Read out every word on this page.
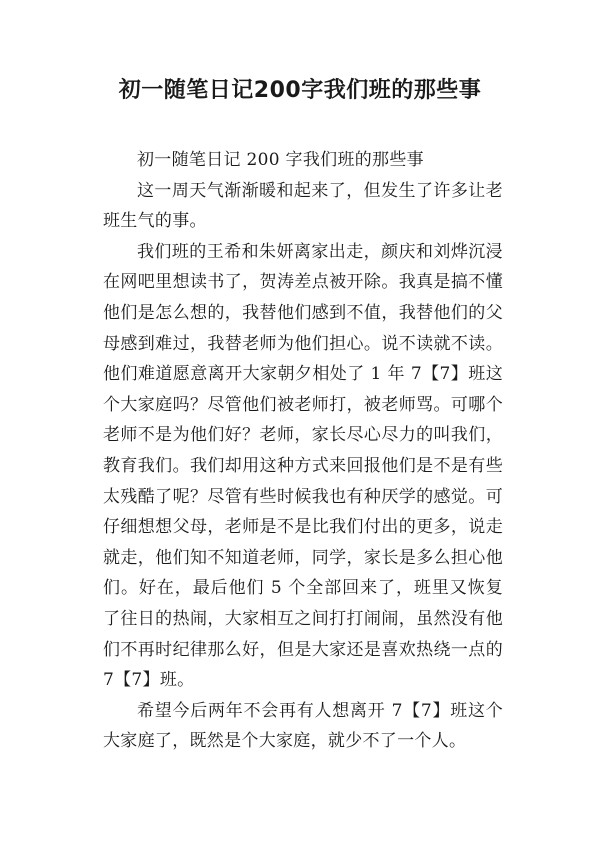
初一随笔日记200字我们班的那些事

初一随笔日记 200 字我们班的那些事

这一周天气渐渐暖和起来了，但发生了许多让老班生气的事。

我们班的王希和朱妍离家出走，颜庆和刘烨沉浸在网吧里想读书了，贺涛差点被开除。我真是搞不懂他们是怎么想的，我替他们感到不值，我替他们的父母感到难过，我替老师为他们担心。说不读就不读。他们难道愿意离开大家朝夕相处了 1 年 7【7】班这个大家庭吗？尽管他们被老师打，被老师骂。可哪个老师不是为他们好？老师，家长尽心尽力的叫我们，教育我们。我们却用这种方式来回报他们是不是有些太残酷了呢？尽管有些时候我也有种厌学的感觉。可仔细想想父母，老师是不是比我们付出的更多，说走就走，他们知不知道老师，同学，家长是多么担心他们。好在，最后他们 5 个全部回来了，班里又恢复了往日的热闹，大家相互之间打打闹闹，虽然没有他们不再时纪律那么好，但是大家还是喜欢热绕一点的 7【7】班。

希望今后两年不会再有人想离开 7【7】班这个大家庭了，既然是个大家庭，就少不了一个人。
